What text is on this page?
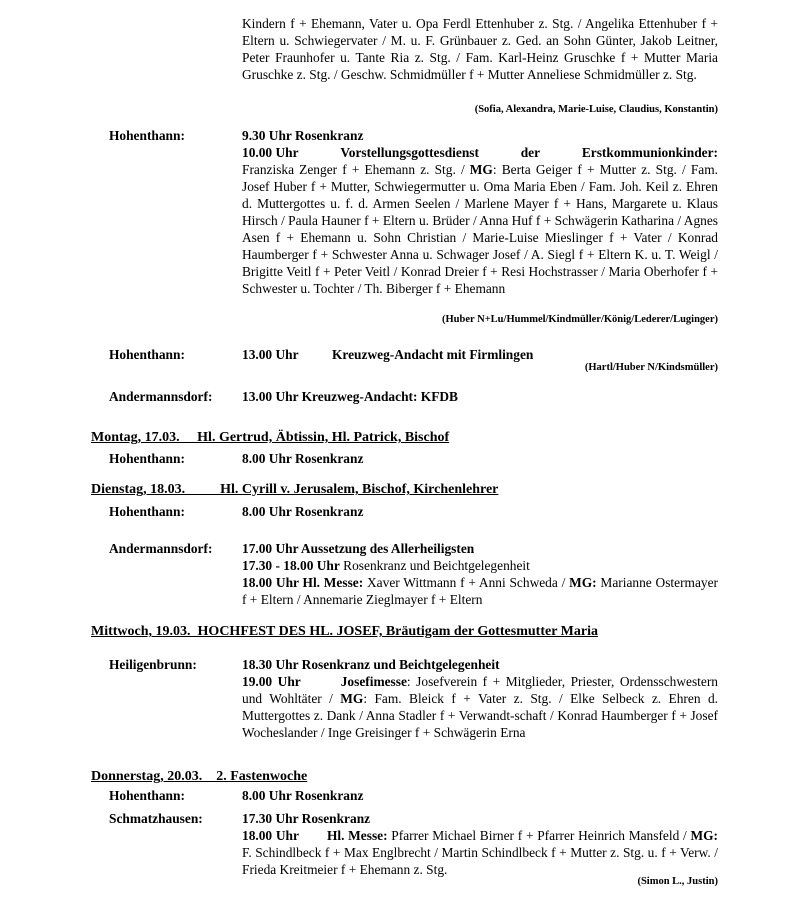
Kindern f + Ehemann, Vater u. Opa Ferdl Ettenhuber z. Stg. / Angelika Ettenhuber f + Eltern u. Schwiegervater / M. u. F. Grünbauer z. Ged. an Sohn Günter, Jakob Leitner, Peter Fraunhofer u. Tante Ria z. Stg. / Fam. Karl-Heinz Gruschke f + Mutter Maria Gruschke z. Stg. / Geschw. Schmidmüller f + Mutter Anneliese Schmidmüller z. Stg.
(Sofia, Alexandra, Marie-Luise, Claudius, Konstantin)
Hohenthann:	9.30 Uhr Rosenkranz
10.00 Uhr	Vorstellungsgottesdienst	der	Erstkommunionkinder:
Franziska Zenger f + Ehemann z. Stg. / MG: Berta Geiger f + Mutter z. Stg. / Fam. Josef Huber f + Mutter, Schwiegermutter u. Oma Maria Eben / Fam. Joh. Keil z. Ehren d. Muttergottes u. f. d. Armen Seelen / Marlene Mayer f + Hans, Margarete u. Klaus Hirsch / Paula Hauner f + Eltern u. Brüder / Anna Huf f + Schwägerin Katharina / Agnes Asen f + Ehemann u. Sohn Christian / Marie-Luise Mieslinger f + Vater / Konrad Haumberger f + Schwester Anna u. Schwager Josef / A. Siegl f + Eltern K. u. T. Weigl / Brigitte Veitl f + Peter Veitl / Konrad Dreier f + Resi Hochstrasser / Maria Oberhofer f + Schwester u. Tochter / Th. Biberger f + Ehemann
(Huber N+Lu/Hummel/Kindmüller/König/Lederer/Luginger)
Hohenthann:	13.00 Uhr Kreuzweg-Andacht mit Firmlingen
(Hartl/Huber N/Kindsmüller)
Andermannsdorf: 13.00 Uhr Kreuzweg-Andacht: KFDB
Montag, 17.03.     Hl. Gertrud, Äbtissin, Hl. Patrick, Bischof
Hohenthann:	8.00 Uhr Rosenkranz
Dienstag, 18.03.          Hl. Cyrill v. Jerusalem, Bischof, Kirchenlehrer
Hohenthann:	8.00 Uhr Rosenkranz
Andermannsdorf: 17.00 Uhr Aussetzung des Allerheiligsten
17.30 - 18.00 Uhr Rosenkranz und Beichtgelegenheit
18.00 Uhr Hl. Messe: Xaver Wittmann f + Anni Schweda / MG: Marianne Ostermayer f + Eltern / Annemarie Zieglmayer f + Eltern
Mittwoch, 19.03.  HOCHFEST DES HL. JOSEF, Bräutigam der Gottesmutter Maria
Heiligenbrunn:	18.30 Uhr Rosenkranz und Beichtgelegenheit
19.00 Uhr	Josefimesse: Josefverein f + Mitglieder, Priester, Ordensschwestern und Wohltäter / MG: Fam. Bleick f + Vater z. Stg. / Elke Selbeck z. Ehren d. Muttergottes z. Dank / Anna Stadler f + Verwandt-schaft / Konrad Haumberger f + Josef Wocheslander / Inge Greisinger f + Schwägerin Erna
Donnerstag, 20.03.    2. Fastenwoche
Hohenthann:	8.00 Uhr Rosenkranz
Schmatzhausen:	17.30 Uhr Rosenkranz
18.00 Uhr Hl. Messe: Pfarrer Michael Birner f + Pfarrer Heinrich Mansfeld / MG: F. Schindlbeck f + Max Englbrecht / Martin Schindlbeck f + Mutter z. Stg. u. f + Verw. / Frieda Kreitmeier f + Ehemann z. Stg.
(Simon L., Justin)
